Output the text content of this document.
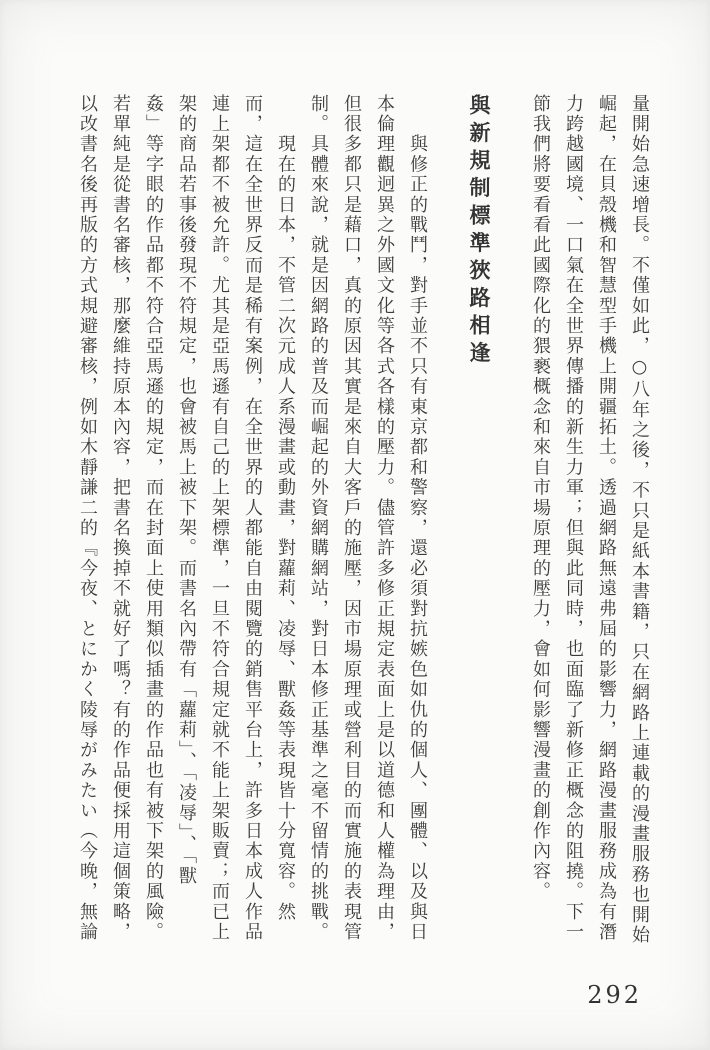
量開始急速增長。不僅如此，○八年之後，不只是紙本書籍，只在網路上連載的漫畫服務也開始
崛起，在貝殼機和智慧型手機上開疆拓土。透過網路無遠弗屆的影響力，網路漫畫服務成為有潛
力跨越國境、一口氣在全世界傳播的新生力軍；但與此同時，也面臨了新修正概念的阻撓。下一
節我們將要看看此國際化的猥褻概念和來自市場原理的壓力，會如何影響漫畫的創作內容。
與新規制標準狹路相逢
　　與修正的戰鬥，對手並不只有東京都和警察，還必須對抗嫉色如仇的個人、團體、以及與日
本倫理觀迥異之外國文化等各式各樣的壓力。儘管許多修正規定表面上是以道德和人權為理由，
但很多都只是藉口，真的原因其實是來自大客戶的施壓，因市場原理或營利目的而實施的表現管
制。具體來說，就是因網路的普及而崛起的外資網購網站，對日本修正基準之毫不留情的挑戰。
　　現在的日本，不管二次元成人系漫畫或動畫，對蘿莉、凌辱、獸姦等表現皆十分寬容。然
而，這在全世界反而是稀有案例，在全世界的人都能自由閱覽的銷售平台上，許多日本成人作品
連上架都不被允許。尤其是亞馬遜有自己的上架標準，一旦不符合規定就不能上架販賣；而已上
架的商品若事後發現不符規定，也會被馬上被下架。而書名內帶有「蘿莉」、「凌辱」、「獸
姦」等字眼的作品都不符合亞馬遜的規定，而在封面上使用類似插畫的作品也有被下架的風險。
若單純是從書名審核，那麼維持原本內容，把書名換掉不就好了嗎？有的作品便採用這個策略，
以改書名後再版的方式規避審核，例如木靜謙二的『今夜、とにかく陵辱がみたい（今晚，無論
292
